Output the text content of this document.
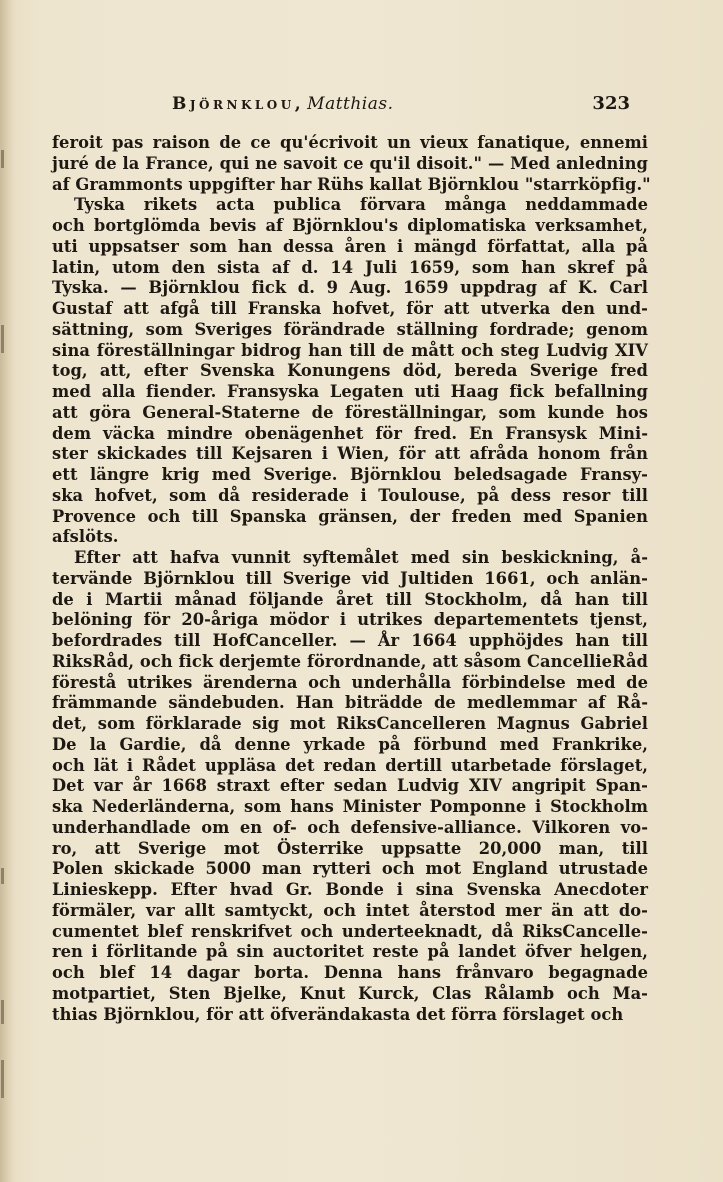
Björnklou, Matthias.	323
feroit pas raison de ce qu'écrivoit un vieux fanatique, ennemi
juré de la France, qui ne savoit ce qu'il disoit." — Med anledning
af Grammonts uppgifter har Rühs kallat Björnklou "starrköpfig."
Tyska rikets acta publica förvara många neddammade
och bortglömda bevis af Björnklou's diplomatiska verksamhet,
uti uppsatser som han dessa åren i mängd författat, alla på
latin, utom den sista af d. 14 Juli 1659, som han skref på
Tyska. — Björnklou fick d. 9 Aug. 1659 uppdrag af K. Carl
Gustaf att afgå till Franska hofvet, för att utverka den und-
sättning, som Sveriges förändrade ställning fordrade; genom
sina föreställningar bidrog han till de mått och steg Ludvig XIV
tog, att, efter Svenska Konungens död, bereda Sverige fred
med alla fiender. Fransyska Legaten uti Haag fick befallning
att göra General-Staterne de föreställningar, som kunde hos
dem väcka mindre obenägenhet för fred. En Fransysk Mini-
ster skickades till Kejsaren i Wien, för att afråda honom från
ett längre krig med Sverige. Björnklou beledsagade Fransy-
ska hofvet, som då residerade i Toulouse, på dess resor till
Provence och till Spanska gränsen, der freden med Spanien
afslöts.
Efter att hafva vunnit syftemålet med sin beskickning, å-
tervände Björnklou till Sverige vid Jultiden 1661, och anlän-
de i Martii månad följande året till Stockholm, då han till
belöning för 20-åriga mödor i utrikes departementets tjenst,
befordrades till HofCanceller. — År 1664 upphöjdes han till
RiksRåd, och fick derjemte förordnande, att såsom CancellieRåd
förestå utrikes ärenderna och underhålla förbindelse med de
främmande sändebuden. Han biträdde de medlemmar af Rå-
det, som förklarade sig mot RiksCancelleren Magnus Gabriel
De la Gardie, då denne yrkade på förbund med Frankrike,
och lät i Rådet uppläsa det redan dertill utarbetade förslaget,
Det var år 1668 straxt efter sedan Ludvig XIV angripit Span-
ska Nederländerna, som hans Minister Pomponne i Stockholm
underhandlade om en of- och defensive-alliance. Vilkoren vo-
ro, att Sverige mot Österrike uppsatte 20,000 man, till
Polen skickade 5000 man rytteri och mot England utrustade
Linieskepp. Efter hvad Gr. Bonde i sina Svenska Anecdoter
förmäler, var allt samtyckt, och intet återstod mer än att do-
cumentet blef renskrifvet och underteeknadt, då RiksCancelle-
ren i förlitande på sin auctoritet reste på landet öfver helgen,
och blef 14 dagar borta. Denna hans frånvaro begagnade
motpartiet, Sten Bjelke, Knut Kurck, Clas Rålamb och Ma-
thias Björnklou, för att öfverändakasta det förra förslaget och
